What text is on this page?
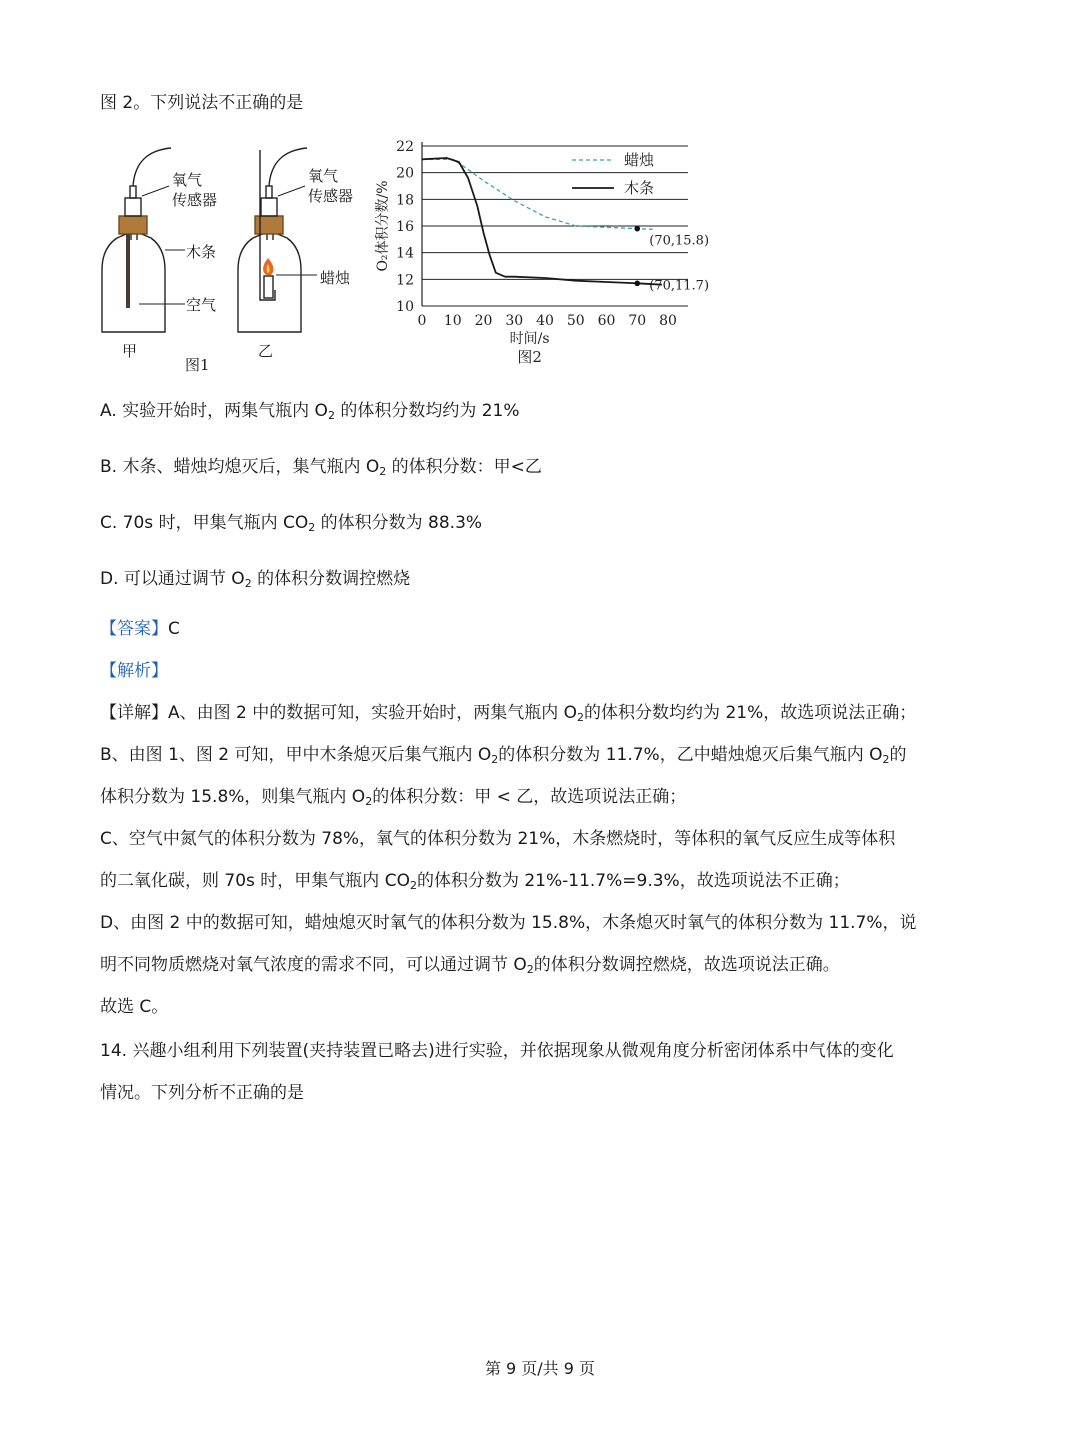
图 2。下列说法不正确的是
氧气
传感器
氧气
传感器
木条
蜡烛
空气
甲	乙
图1
10
12
14
16
18
20
22
0 10 20 30 40 50 60 70 80
时间/s
O₂体积分数/%
图2
蜡烛
木条
(70,15.8)
(70,11.7)
A. 实验开始时，两集气瓶内 $O_2$ 的体积分数均约为 21%
B. 木条、蜡烛均熄灭后，集气瓶内 $O_2$ 的体积分数：甲<乙
C. 70s 时，甲集气瓶内 $CO_2$ 的体积分数为 88.3%
D. 可以通过调节 $O_2$ 的体积分数调控燃烧
【答案】C
【解析】
【详解】A、由图 2 中的数据可知，实验开始时，两集气瓶内 $O_2$的体积分数均约为 21%，故选项说法正确；
B、由图 1、图 2 可知，甲中木条熄灭后集气瓶内 $O_2$的体积分数为 11.7%，乙中蜡烛熄灭后集气瓶内 $O_2$的
体积分数为 15.8%，则集气瓶内 $O_2$的体积分数：甲 < 乙，故选项说法正确；
C、空气中氮气的体积分数为 78%，氧气的体积分数为 21%，木条燃烧时，等体积的氧气反应生成等体积
的二氧化碳，则 70s 时，甲集气瓶内 $CO_2$的体积分数为 21%-11.7%=9.3%，故选项说法不正确；
D、由图 2 中的数据可知，蜡烛熄灭时氧气的体积分数为 15.8%，木条熄灭时氧气的体积分数为 11.7%，说
明不同物质燃烧对氧气浓度的需求不同，可以通过调节 $O_2$的体积分数调控燃烧，故选项说法正确。
故选 C。
14. 兴趣小组利用下列装置(夹持装置已略去)进行实验，并依据现象从微观角度分析密闭体系中气体的变化
情况。下列分析不正确的是
第 9 页/共 9 页
